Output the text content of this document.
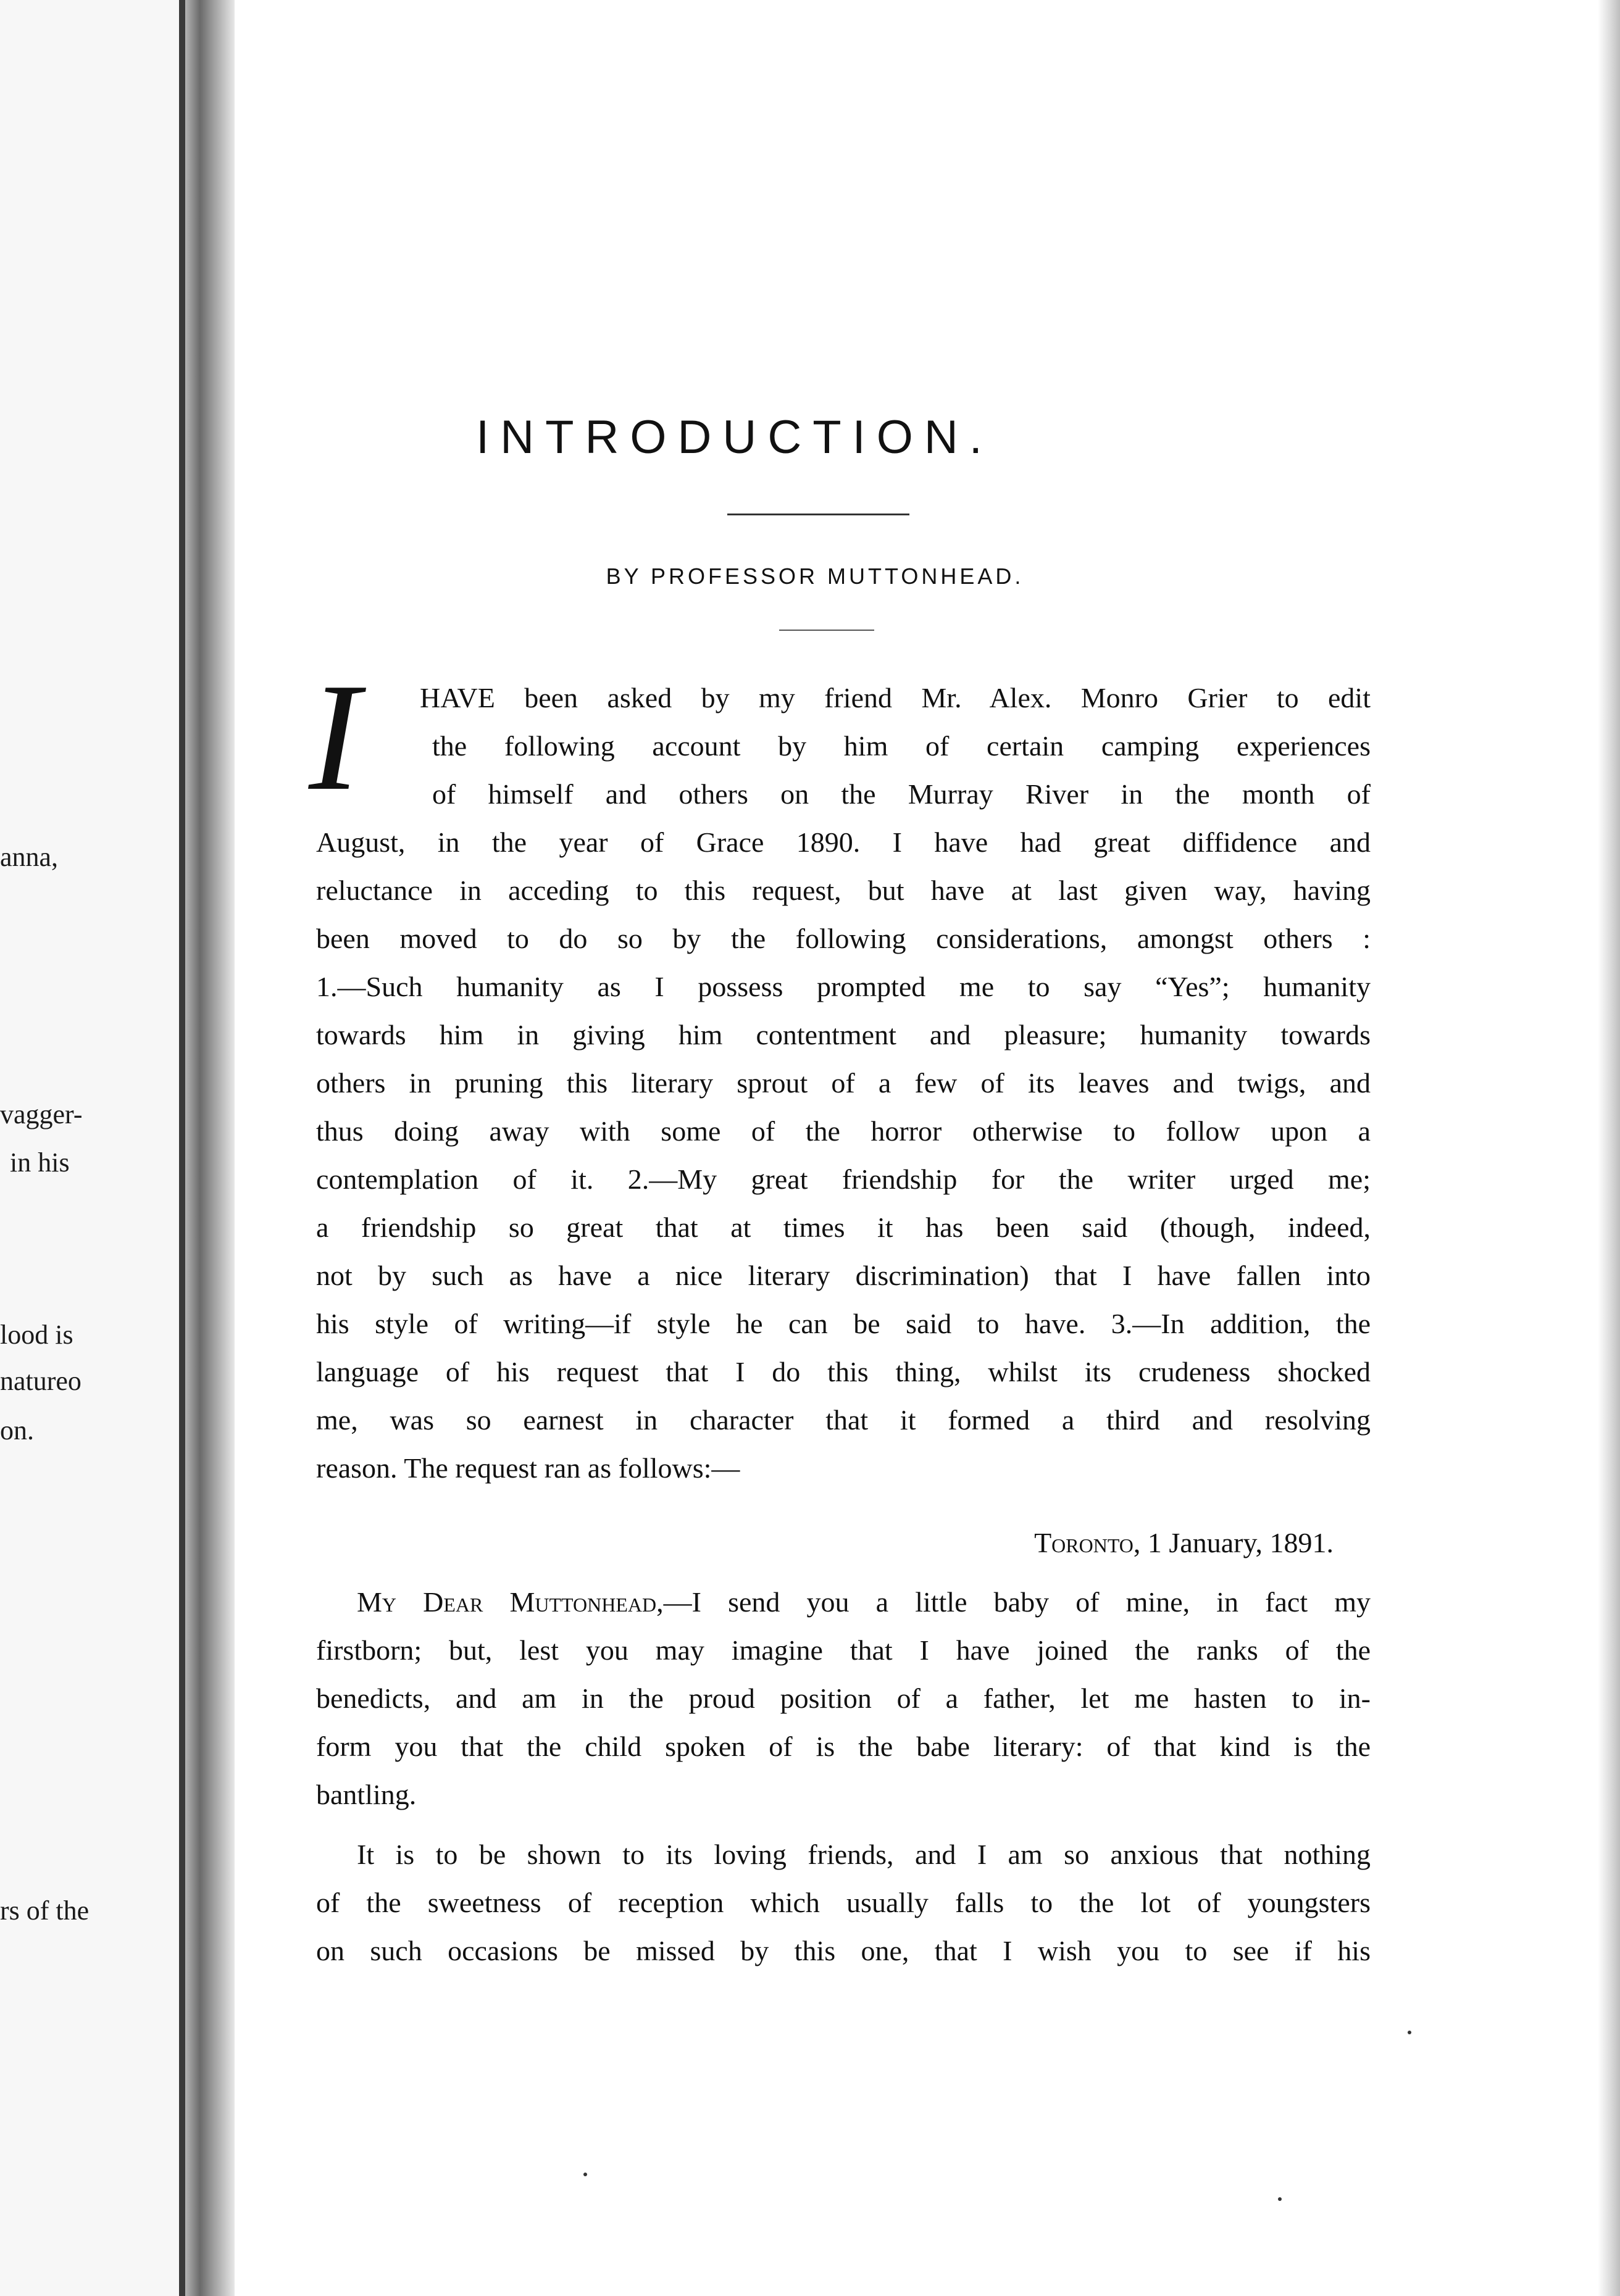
anna,
vagger-
in his
lood is
natureo
on.
rs of the
INTRODUCTION.
BY PROFESSOR MUTTONHEAD.
I HAVE been asked by my friend Mr. Alex. Monro Grier to edit
the following account by him of certain camping experiences
of himself and others on the Murray River in the month of
August, in the year of Grace 1890. I have had great diffidence and
reluctance in acceding to this request, but have at last given way, having
been moved to do so by the following considerations, amongst others :
1.—Such humanity as I possess prompted me to say “Yes”; humanity
towards him in giving him contentment and pleasure; humanity towards
others in pruning this literary sprout of a few of its leaves and twigs, and
thus doing away with some of the horror otherwise to follow upon a
contemplation of it. 2.—My great friendship for the writer urged me;
a friendship so great that at times it has been said (though, indeed,
not by such as have a nice literary discrimination) that I have fallen into
his style of writing—if style he can be said to have. 3.—In addition, the
language of his request that I do this thing, whilst its crudeness shocked
me, was so earnest in character that it formed a third and resolving
reason. The request ran as follows:—
Toronto, 1 January, 1891.
My Dear Muttonhead,—I send you a little baby of mine, in fact my
firstborn; but, lest you may imagine that I have joined the ranks of the
benedicts, and am in the proud position of a father, let me hasten to in-
form you that the child spoken of is the babe literary: of that kind is the
bantling.
It is to be shown to its loving friends, and I am so anxious that nothing
of the sweetness of reception which usually falls to the lot of youngsters
on such occasions be missed by this one, that I wish you to see if his
